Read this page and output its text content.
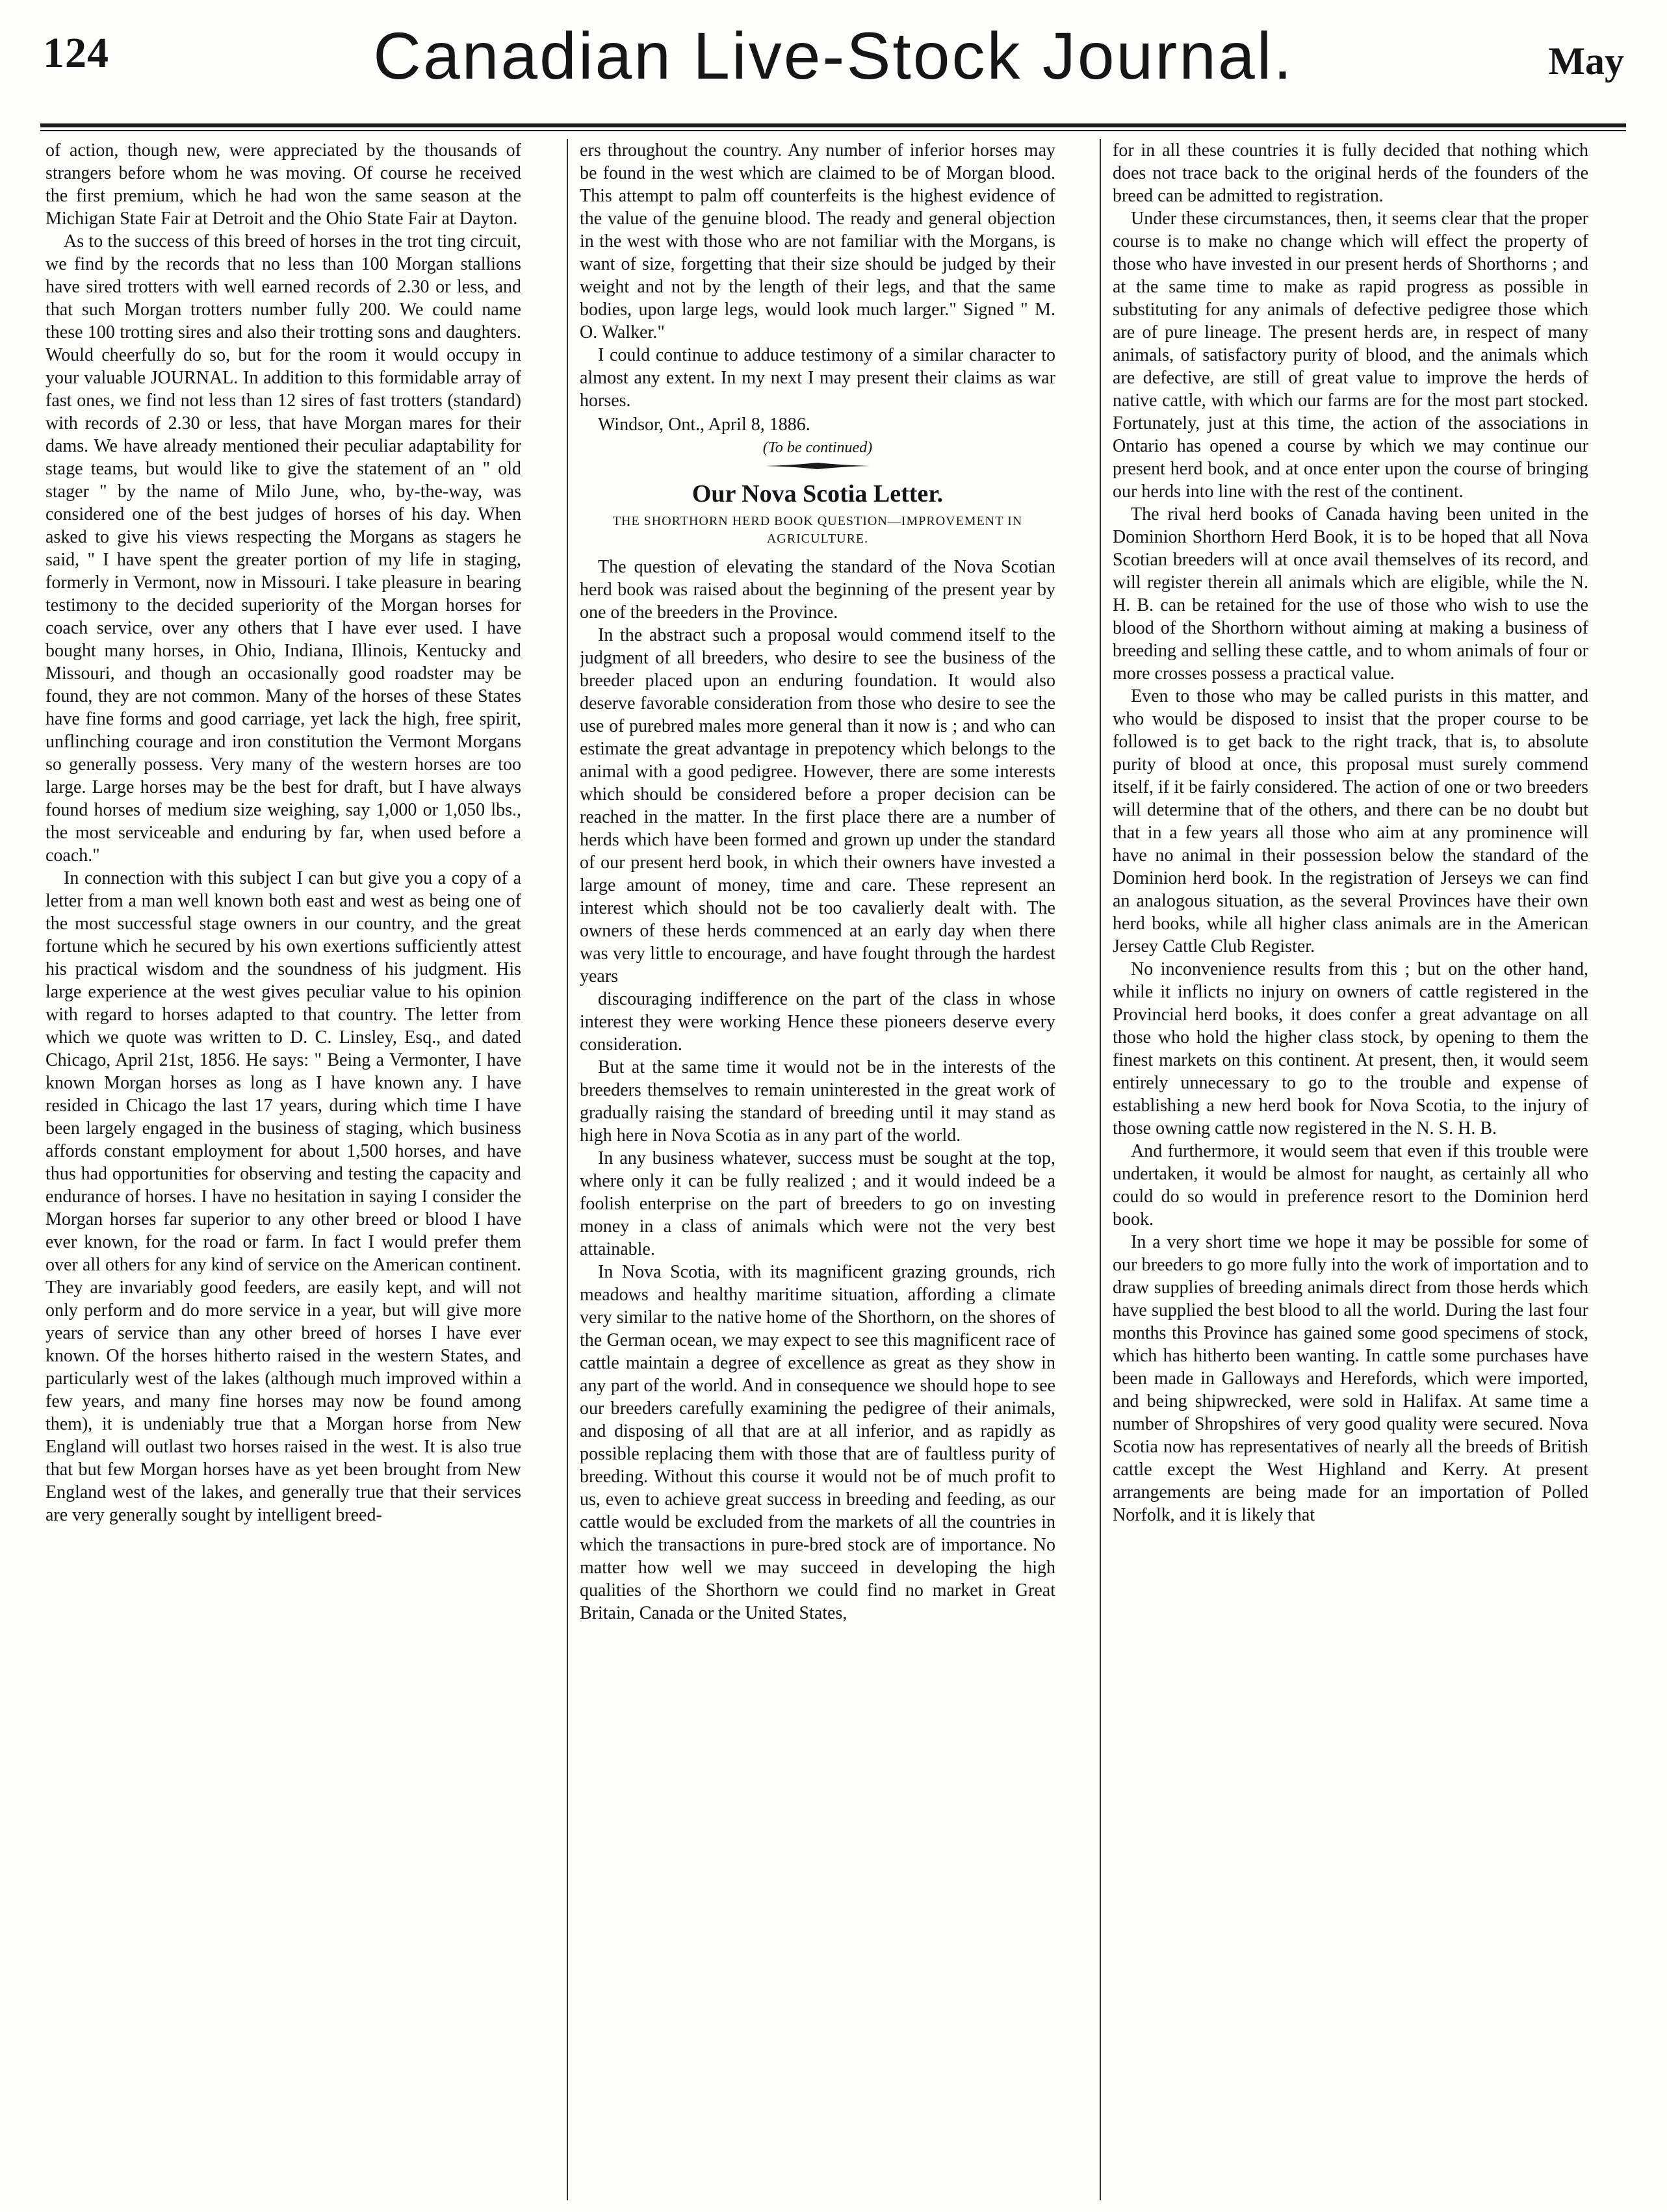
124	Canadian Live-Stock Journal.	May

of action, though new, were appreciated by the thousands of strangers before whom he was moving. Of course he received the first premium, which he had won the same season at the Michigan State Fair at Detroit and the Ohio State Fair at Dayton.

As to the success of this breed of horses in the trot ting circuit, we find by the records that no less than 100 Morgan stallions have sired trotters with well earned records of 2.30 or less, and that such Morgan trotters number fully 200. We could name these 100 trotting sires and also their trotting sons and daughters. Would cheerfully do so, but for the room it would occupy in your valuable JOURNAL. In addition to this formidable array of fast ones, we find not less than 12 sires of fast trotters (standard) with records of 2.30 or less, that have Morgan mares for their dams. We have already mentioned their peculiar adaptability for stage teams, but would like to give the statement of an " old stager " by the name of Milo June, who, by-the-way, was considered one of the best judges of horses of his day. When asked to give his views respecting the Morgans as stagers he said, " I have spent the greater portion of my life in staging, formerly in Vermont, now in Missouri. I take pleasure in bearing testimony to the decided superiority of the Morgan horses for coach service, over any others that I have ever used. I have bought many horses, in Ohio, Indiana, Illinois, Kentucky and Missouri, and though an occasionally good roadster may be found, they are not common. Many of the horses of these States have fine forms and good carriage, yet lack the high, free spirit, unflinching courage and iron constitution the Vermont Morgans so generally possess. Very many of the western horses are too large. Large horses may be the best for draft, but I have always found horses of medium size weighing, say 1,000 or 1,050 lbs., the most serviceable and enduring by far, when used before a coach."

In connection with this subject I can but give you a copy of a letter from a man well known both east and west as being one of the most successful stage owners in our country, and the great fortune which he secured by his own exertions sufficiently attest his practical wisdom and the soundness of his judgment. His large experience at the west gives peculiar value to his opinion with regard to horses adapted to that country. The letter from which we quote was written to D. C. Linsley, Esq., and dated Chicago, April 21st, 1856. He says: " Being a Vermonter, I have known Morgan horses as long as I have known any. I have resided in Chicago the last 17 years, during which time I have been largely engaged in the business of staging, which business affords constant employment for about 1,500 horses, and have thus had opportunities for observing and testing the capacity and endurance of horses. I have no hesitation in saying I consider the Morgan horses far superior to any other breed or blood I have ever known, for the road or farm. In fact I would prefer them over all others for any kind of service on the American continent. They are invariably good feeders, are easily kept, and will not only perform and do more service in a year, but will give more years of service than any other breed of horses I have ever known. Of the horses hitherto raised in the western States, and particularly west of the lakes (although much improved within a few years, and many fine horses may now be found among them), it is undeniably true that a Morgan horse from New England will outlast two horses raised in the west. It is also true that but few Morgan horses have as yet been brought from New England west of the lakes, and generally true that their services are very generally sought by intelligent breed-

ers throughout the country. Any number of inferior horses may be found in the west which are claimed to be of Morgan blood. This attempt to palm off counterfeits is the highest evidence of the value of the genuine blood. The ready and general objection in the west with those who are not familiar with the Morgans, is want of size, forgetting that their size should be judged by their weight and not by the length of their legs, and that the same bodies, upon large legs, would look much larger." Signed " M. O. Walker."

I could continue to adduce testimony of a similar character to almost any extent. In my next I may present their claims as war horses.

Windsor, Ont., April 8, 1886.

(To be continued)

Our Nova Scotia Letter.
THE SHORTHORN HERD BOOK QUESTION—IMPROVEMENT IN AGRICULTURE.

The question of elevating the standard of the Nova Scotian herd book was raised about the beginning of the present year by one of the breeders in the Province.

In the abstract such a proposal would commend itself to the judgment of all breeders, who desire to see the business of the breeder placed upon an enduring foundation. It would also deserve favorable consideration from those who desire to see the use of purebred males more general than it now is ; and who can estimate the great advantage in prepotency which belongs to the animal with a good pedigree. However, there are some interests which should be considered before a proper decision can be reached in the matter. In the first place there are a number of herds which have been formed and grown up under the standard of our present herd book, in which their owners have invested a large amount of money, time and care. These represent an interest which should not be too cavalierly dealt with. The owners of these herds commenced at an early day when there was very little to encourage, and have fought through the hardest years

discouraging indifference on the part of the class in whose interest they were working Hence these pioneers deserve every consideration.

But at the same time it would not be in the interests of the breeders themselves to remain uninterested in the great work of gradually raising the standard of breeding until it may stand as high here in Nova Scotia as in any part of the world.

In any business whatever, success must be sought at the top, where only it can be fully realized ; and it would indeed be a foolish enterprise on the part of breeders to go on investing money in a class of animals which were not the very best attainable.

In Nova Scotia, with its magnificent grazing grounds, rich meadows and healthy maritime situation, affording a climate very similar to the native home of the Shorthorn, on the shores of the German ocean, we may expect to see this magnificent race of cattle maintain a degree of excellence as great as they show in any part of the world. And in consequence we should hope to see our breeders carefully examining the pedigree of their animals, and disposing of all that are at all inferior, and as rapidly as possible replacing them with those that are of faultless purity of breeding. Without this course it would not be of much profit to us, even to achieve great success in breeding and feeding, as our cattle would be excluded from the markets of all the countries in which the transactions in pure-bred stock are of importance. No matter how well we may succeed in developing the high qualities of the Shorthorn we could find no market in Great Britain, Canada or the United States,

for in all these countries it is fully decided that nothing which does not trace back to the original herds of the founders of the breed can be admitted to registration.

Under these circumstances, then, it seems clear that the proper course is to make no change which will effect the property of those who have invested in our present herds of Shorthorns ; and at the same time to make as rapid progress as possible in substituting for any animals of defective pedigree those which are of pure lineage. The present herds are, in respect of many animals, of satisfactory purity of blood, and the animals which are defective, are still of great value to improve the herds of native cattle, with which our farms are for the most part stocked. Fortunately, just at this time, the action of the associations in Ontario has opened a course by which we may continue our present herd book, and at once enter upon the course of bringing our herds into line with the rest of the continent.

The rival herd books of Canada having been united in the Dominion Shorthorn Herd Book, it is to be hoped that all Nova Scotian breeders will at once avail themselves of its record, and will register therein all animals which are eligible, while the N. H. B. can be retained for the use of those who wish to use the blood of the Shorthorn without aiming at making a business of breeding and selling these cattle, and to whom animals of four or more crosses possess a practical value.

Even to those who may be called purists in this matter, and who would be disposed to insist that the proper course to be followed is to get back to the right track, that is, to absolute purity of blood at once, this proposal must surely commend itself, if it be fairly considered. The action of one or two breeders will determine that of the others, and there can be no doubt but that in a few years all those who aim at any prominence will have no animal in their possession below the standard of the Dominion herd book. In the registration of Jerseys we can find an analogous situation, as the several Provinces have their own herd books, while all higher class animals are in the American Jersey Cattle Club Register.

No inconvenience results from this ; but on the other hand, while it inflicts no injury on owners of cattle registered in the Provincial herd books, it does confer a great advantage on all those who hold the higher class stock, by opening to them the finest markets on this continent. At present, then, it would seem entirely unnecessary to go to the trouble and expense of establishing a new herd book for Nova Scotia, to the injury of those owning cattle now registered in the N. S. H. B.

And furthermore, it would seem that even if this trouble were undertaken, it would be almost for naught, as certainly all who could do so would in preference resort to the Dominion herd book.

In a very short time we hope it may be possible for some of our breeders to go more fully into the work of importation and to draw supplies of breeding animals direct from those herds which have supplied the best blood to all the world. During the last four months this Province has gained some good specimens of stock, which has hitherto been wanting. In cattle some purchases have been made in Galloways and Herefords, which were imported, and being shipwrecked, were sold in Halifax. At same time a number of Shropshires of very good quality were secured. Nova Scotia now has representatives of nearly all the breeds of British cattle except the West Highland and Kerry. At present arrangements are being made for an importation of Polled Norfolk, and it is likely that
